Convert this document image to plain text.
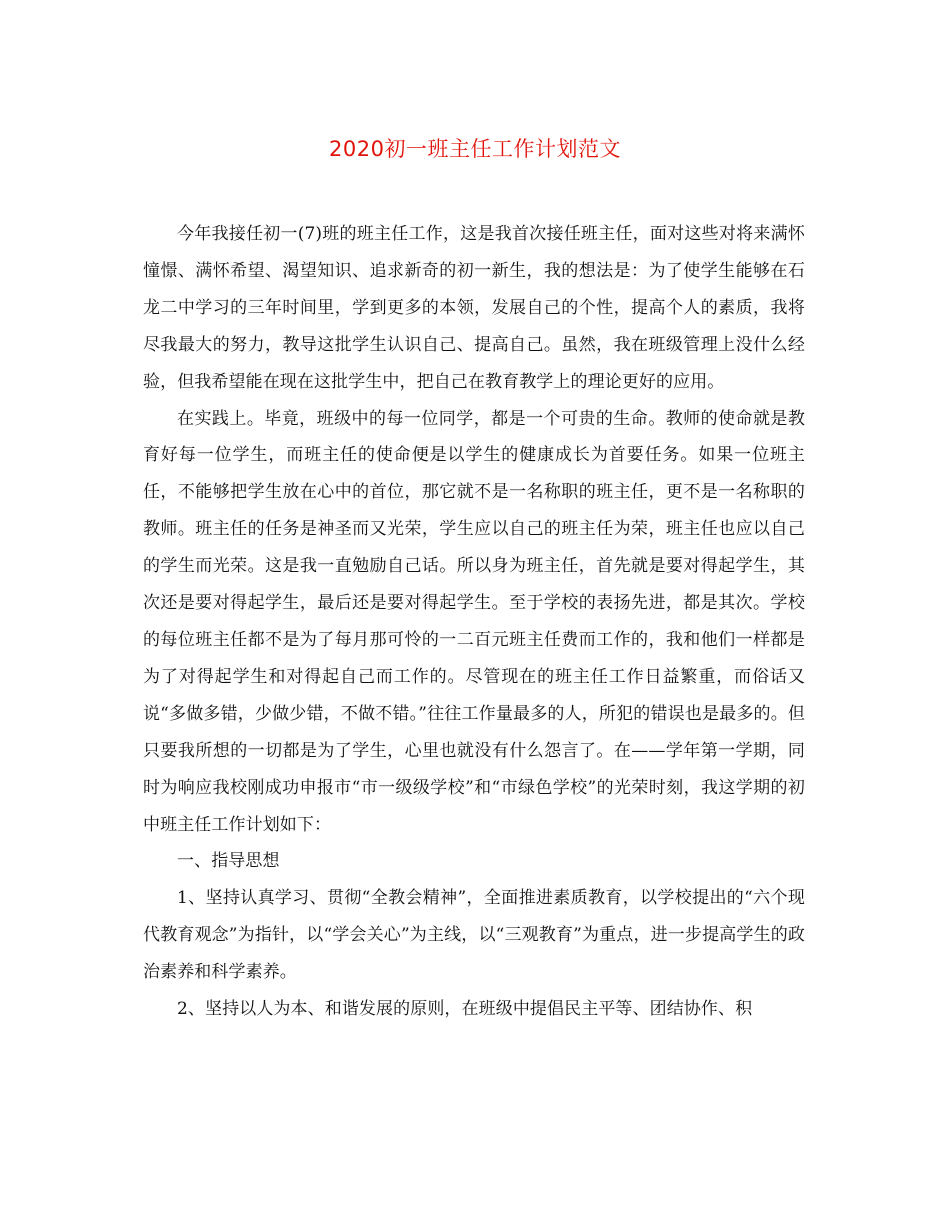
2020初一班主任工作计划范文

今年我接任初一(7)班的班主任工作，这是我首次接任班主任，面对这些对将来满怀憧憬、满怀希望、渴望知识、追求新奇的初一新生，我的想法是：为了使学生能够在石龙二中学习的三年时间里，学到更多的本领，发展自己的个性，提高个人的素质，我将尽我最大的努力，教导这批学生认识自己、提高自己。虽然，我在班级管理上没什么经验，但我希望能在现在这批学生中，把自己在教育教学上的理论更好的应用。

在实践上。毕竟，班级中的每一位同学，都是一个可贵的生命。教师的使命就是教育好每一位学生，而班主任的使命便是以学生的健康成长为首要任务。如果一位班主任，不能够把学生放在心中的首位，那它就不是一名称职的班主任，更不是一名称职的教师。班主任的任务是神圣而又光荣，学生应以自己的班主任为荣，班主任也应以自己的学生而光荣。这是我一直勉励自己话。所以身为班主任，首先就是要对得起学生，其次还是要对得起学生，最后还是要对得起学生。至于学校的表扬先进，都是其次。学校的每位班主任都不是为了每月那可怜的一二百元班主任费而工作的，我和他们一样都是为了对得起学生和对得起自己而工作的。尽管现在的班主任工作日益繁重，而俗话又说“多做多错，少做少错，不做不错。”往往工作量最多的人，所犯的错误也是最多的。但只要我所想的一切都是为了学生，心里也就没有什么怨言了。在——学年第一学期，同时为响应我校刚成功申报市“市一级级学校”和“市绿色学校”的光荣时刻，我这学期的初中班主任工作计划如下：

一、指导思想

1、坚持认真学习、贯彻“全教会精神”，全面推进素质教育，以学校提出的“六个现代教育观念”为指针，以“学会关心”为主线，以“三观教育”为重点，进一步提高学生的政治素养和科学素养。

2、坚持以人为本、和谐发展的原则，在班级中提倡民主平等、团结协作、积
